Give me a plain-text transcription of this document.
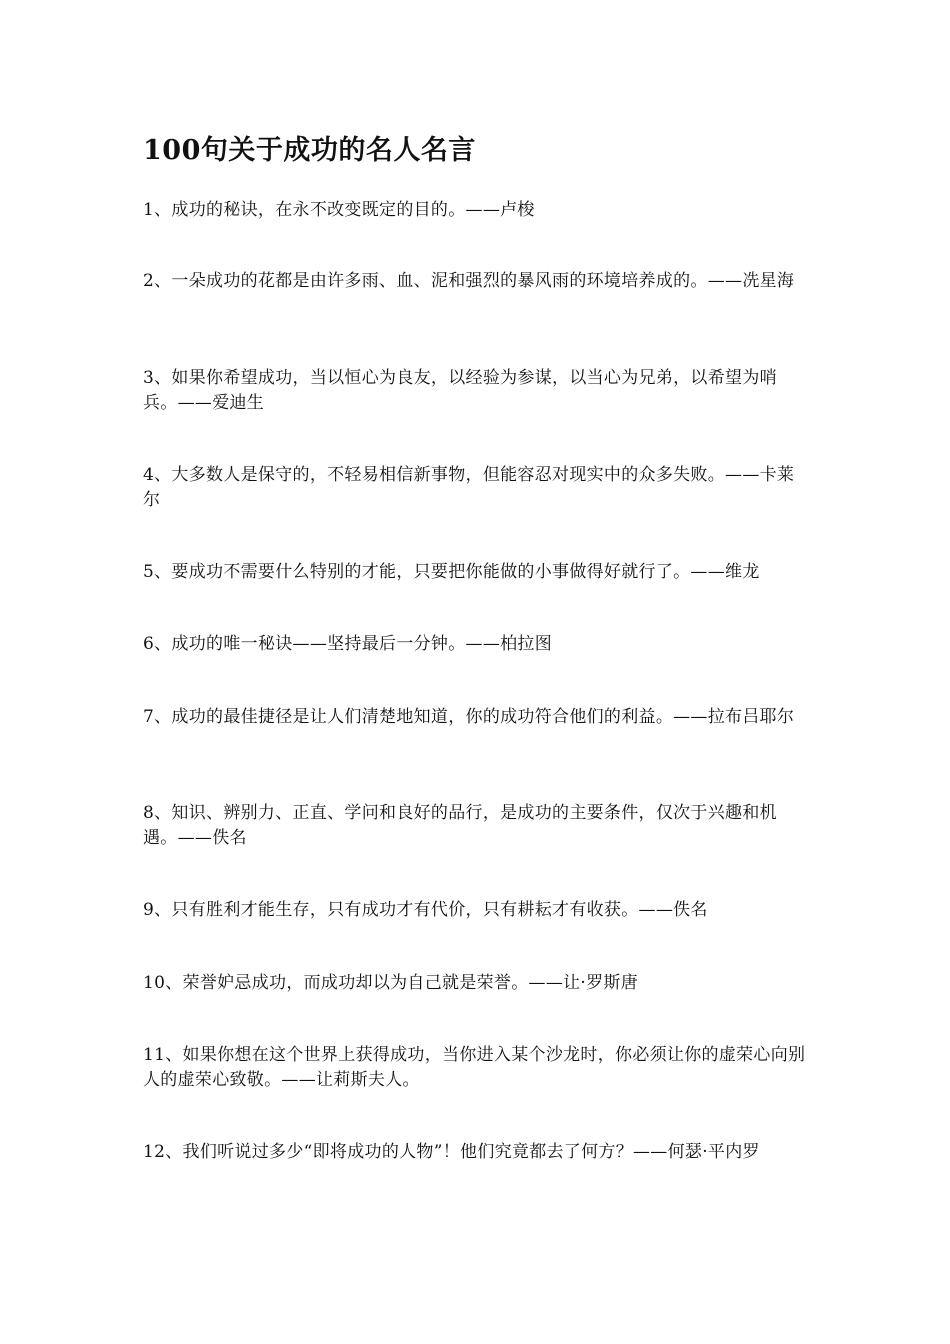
100句关于成功的名人名言

1、成功的秘诀，在永不改变既定的目的。——卢梭

2、一朵成功的花都是由许多雨、血、泥和强烈的暴风雨的环境培养成的。——冼星海

3、如果你希望成功，当以恒心为良友，以经验为参谋，以当心为兄弟，以希望为哨兵。——爱迪生

4、大多数人是保守的，不轻易相信新事物，但能容忍对现实中的众多失败。——卡莱尔

5、要成功不需要什么特别的才能，只要把你能做的小事做得好就行了。——维龙

6、成功的唯一秘诀——坚持最后一分钟。——柏拉图

7、成功的最佳捷径是让人们清楚地知道，你的成功符合他们的利益。——拉布吕耶尔

8、知识、辨别力、正直、学问和良好的品行，是成功的主要条件，仅次于兴趣和机遇。——佚名

9、只有胜利才能生存，只有成功才有代价，只有耕耘才有收获。——佚名

10、荣誉妒忌成功，而成功却以为自己就是荣誉。——让·罗斯唐

11、如果你想在这个世界上获得成功，当你进入某个沙龙时，你必须让你的虚荣心向别人的虚荣心致敬。——让莉斯夫人。

12、我们听说过多少“即将成功的人物”！他们究竟都去了何方？——何瑟·平内罗
